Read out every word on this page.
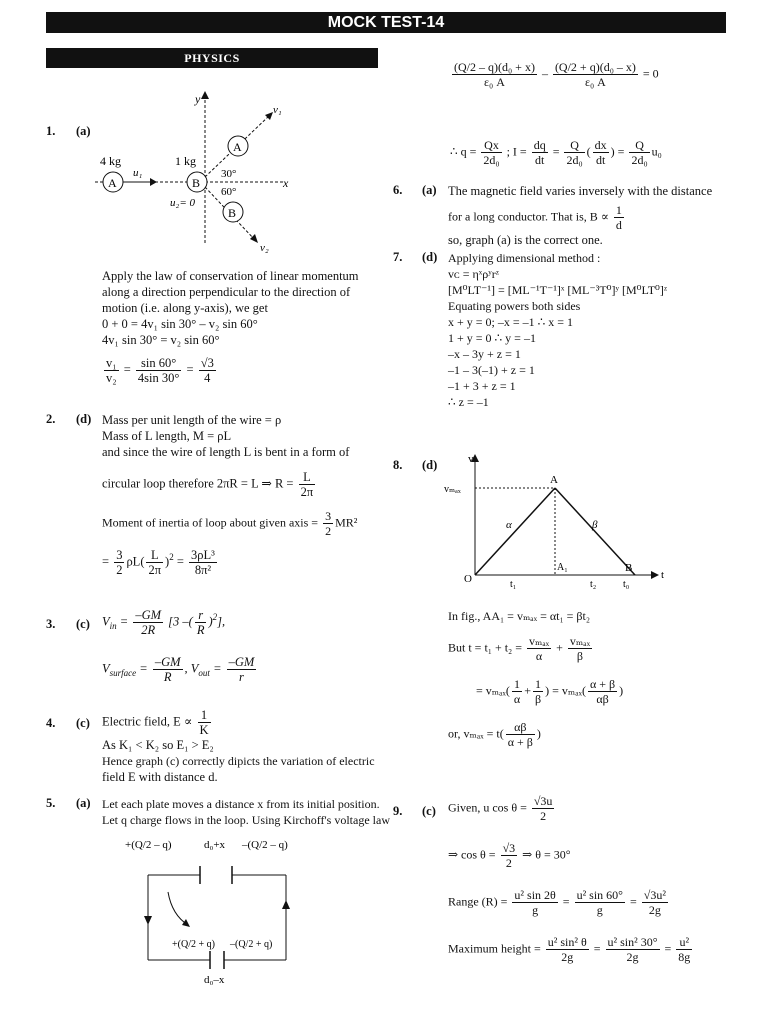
MOCK TEST-14
PHYSICS
1. (a)
y
x
A
4 kg
u₁
B
1 kg
u₂= 0
A
v₁
B
v₂
30°
60°
Apply the law of conservation of linear momentum
along a direction perpendicular to the direction of
motion (i.e. along y-axis), we get
0 + 0 = 4v₁ sin 30° – v₂ sin 60°
4v₁ sin 30° = v₂ sin 60°
$\frac{\text{v₁}}{\text{v₂}} = \frac{\sin 60^\circ}{4\sin 30^\circ} = \frac{√3}{4}$
2. (d) Mass per unit length of the wire = ρ
Mass of L length, M = ρL
and since the wire of length L is bent in a form of
circular loop therefore 2πR = L ⇒ $R = \frac{L}{2\pi}$
Moment of inertia of loop about given axis = $\frac{3}{2} MR^2$
= $\frac{3}{2} \rho L( \frac{L}{2\pi} )^2 = \frac{\text{3ρL³}}{\text{8π²}}$
3. (c) $V_{in} = \frac{-GM}{2R} [3$ –( $\frac{r}{R} )^2$],
$V_{surface} = \frac{-GM}{R}$ , $V_{out} = \frac{-GM}{r}$
4. (c) Electric field, $E \propto \frac{1}{K}$
As K₁ < K₂ so E₁ > E₂
Hence graph (c) correctly dipicts the variation of electric
field E with distance d.
5. (a) Let each plate moves a distance x from its initial position.
Let q charge flows in the loop. Using Kirchoff's voltage law
+(Q/2 – q)	d₀+x –(Q/2 – q)
+(Q/2 + q) –(Q/2 + q)
d₀–x
$\frac{\text{(Q/2 – q)(d₀ + x)}}{\text{ε₀ A}} - \frac{\text{(Q/2 + q)(d₀ – x)}}{\text{ε₀ A}} = 0$
∴ $q = \frac{Qx}{\text{2d₀}}$ ; $I = \frac{dq}{dt} = \frac{Q}{\text{2d₀}}$ ( $\frac{dx}{dt}$ ) = $\frac{Q}{\text{2d₀}} u_0$
6. (a) The magnetic field varies inversely with the distance
for a long conductor. That is, $B \propto \frac{1}{d}$
so, graph (a) is the correct one.
7. (d) Applying dimensional method :
vᴄ = ηˣρʸrᶻ
[M⁰LT⁻¹] = [ML⁻¹T⁻¹]ˣ [ML⁻³T⁰]ʸ [M⁰LT⁰]ᶻ
Equating powers both sides
x + y = 0; –x = –1 ∴ x = 1
1 + y = 0 ∴ y = –1
–x – 3y + z = 1
–1 – 3(–1) + z = 1
–1 + 3 + z = 1
∴ z = –1
8. (d)	v
t
vₘₐₓ
A
A₁
α	β
O
B
t₁	t₂	t₀
In fig., AA₁ = vₘₐₓ = αt₁ = βt₂
But $t = t_1 + t_2 = \frac{\text{vₘₐₓ}}{\alpha} + \frac{\text{vₘₐₓ}}{\beta}$
= $v_{max}( \frac{1}{\alpha} + \frac{1}{\beta}$ ) = $v_{max}( \frac{\alpha + \beta}{\alpha\beta}$ )
or, $v_{max} = t( \frac{\alpha\beta}{\alpha + \beta}$ )
9. (c) Given, u $\cos \theta = \frac{√3u}{2}$
⇒ $\cos \theta = \frac{√3}{2}$ ⇒ θ = 30°
Range $(R) = \frac{\text{u² sin 2θ}}{g} = \frac{\text{u² sin 60°}}{g} = \frac{\text{√3u²}}{2g}$
Maximum height = $\frac{\text{u² sin² θ}}{2g} = \frac{\text{u² sin² 30°}}{2g} = \frac{\text{u²}}{8g}$
